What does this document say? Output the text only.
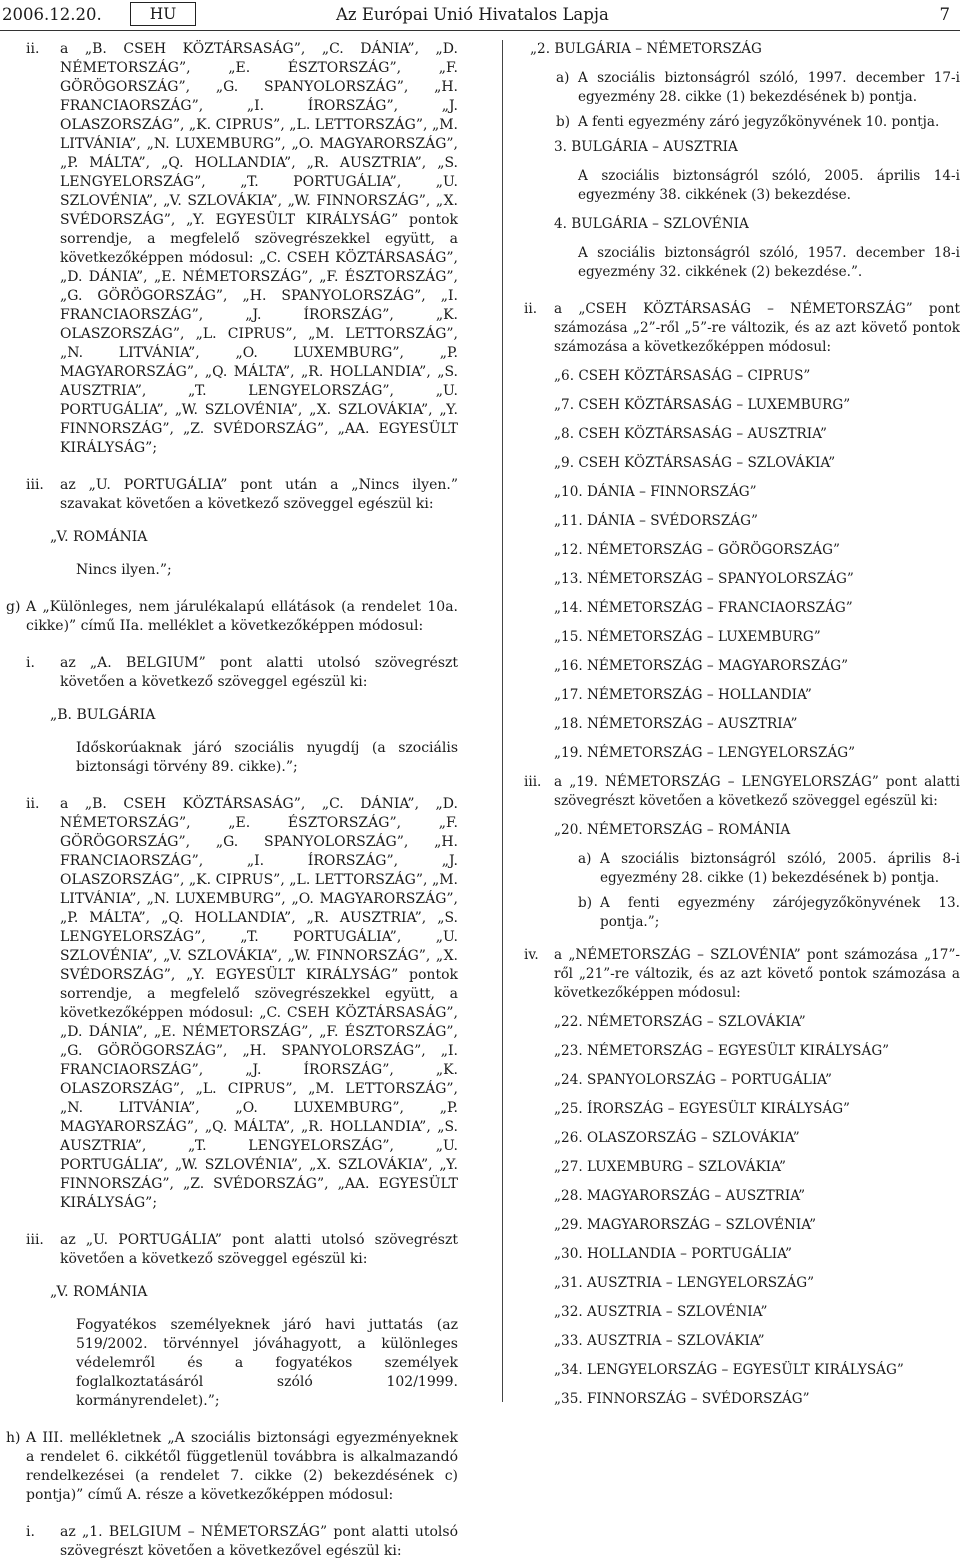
2006.12.20.	HU	Az Európai Unió Hivatalos Lapja	7
ii.	a „B. CSEH KÖZTÁRSASÁG”, „C. DÁNIA”, „D. NÉMETORSZÁG”, „E. ÉSZTORSZÁG”, „F. GÖRÖGORSZÁG”, „G. SPANYOLORSZÁG”, „H. FRANCIAORSZÁG”, „I. ÍRORSZÁG”, „J. OLASZORSZÁG”, „K. CIPRUS”, „L. LETTORSZÁG”, „M. LITVÁNIA”, „N. LUXEMBURG”, „O. MAGYARORSZÁG”, „P. MÁLTA”, „Q. HOLLANDIA”, „R. AUSZTRIA”, „S. LENGYELORSZÁG”, „T. PORTUGÁLIA”, „U. SZLOVÉNIA”, „V. SZLOVÁKIA”, „W. FINNORSZÁG”, „X. SVÉDORSZÁG”, „Y. EGYESÜLT KIRÁLYSÁG” pontok sorrendje, a megfelelő szövegrészekkel együtt, a következőképpen módosul: „C. CSEH KÖZTÁRSASÁG”, „D. DÁNIA”, „E. NÉMETORSZÁG”, „F. ÉSZTORSZÁG”, „G. GÖRÖGORSZÁG”, „H. SPANYOLORSZÁG”, „I. FRANCIAORSZÁG”, „J. ÍRORSZÁG”, „K. OLASZORSZÁG”, „L. CIPRUS”, „M. LETTORSZÁG”, „N. LITVÁNIA”, „O. LUXEMBURG”, „P. MAGYARORSZÁG”, „Q. MÁLTA”, „R. HOLLANDIA”, „S. AUSZTRIA”, „T. LENGYELORSZÁG”, „U. PORTUGÁLIA”, „W. SZLOVÉNIA”, „X. SZLOVÁKIA”, „Y. FINNORSZÁG”, „Z. SVÉDORSZÁG”, „AA. EGYESÜLT KIRÁLYSÁG”;
iii.	az „U. PORTUGÁLIA” pont után a „Nincs ilyen.” szavakat követően a következő szöveggel egészül ki:
„V. ROMÁNIA
Nincs ilyen.”;
g) A „Különleges, nem járulékalapú ellátások (a rendelet 10a. cikke)” című IIa. melléklet a következőképpen módosul:
i.	az „A. BELGIUM” pont alatti utolsó szövegrészt követően a következő szöveggel egészül ki:
„B. BULGÁRIA
Időskorúaknak járó szociális nyugdíj (a szociális biztonsági törvény 89. cikke).”;
ii.	a „B. CSEH KÖZTÁRSASÁG”, „C. DÁNIA”, „D. NÉMETORSZÁG”, „E. ÉSZTORSZÁG”, „F. GÖRÖGORSZÁG”, „G. SPANYOLORSZÁG”, „H. FRANCIAORSZÁG”, „I. ÍRORSZÁG”, „J. OLASZORSZÁG”, „K. CIPRUS”, „L. LETTORSZÁG”, „M. LITVÁNIA”, „N. LUXEMBURG”, „O. MAGYARORSZÁG”, „P. MÁLTA”, „Q. HOLLANDIA”, „R. AUSZTRIA”, „S. LENGYELORSZÁG”, „T. PORTUGÁLIA”, „U. SZLOVÉNIA”, „V. SZLOVÁKIA”, „W. FINNORSZÁG”, „X. SVÉDORSZÁG”, „Y. EGYESÜLT KIRÁLYSÁG” pontok sorrendje, a megfelelő szövegrészekkel együtt, a következőképpen módosul: „C. CSEH KÖZTÁRSASÁG”, „D. DÁNIA”, „E. NÉMETORSZÁG”, „F. ÉSZTORSZÁG”, „G. GÖRÖGORSZÁG”, „H. SPANYOLORSZÁG”, „I. FRANCIAORSZÁG”, „J. ÍRORSZÁG”, „K. OLASZORSZÁG”, „L. CIPRUS”, „M. LETTORSZÁG”, „N. LITVÁNIA”, „O. LUXEMBURG”, „P. MAGYARORSZÁG”, „Q. MÁLTA”, „R. HOLLANDIA”, „S. AUSZTRIA”, „T. LENGYELORSZÁG”, „U. PORTUGÁLIA”, „W. SZLOVÉNIA”, „X. SZLOVÁKIA”, „Y. FINNORSZÁG”, „Z. SVÉDORSZÁG”, „AA. EGYESÜLT KIRÁLYSÁG”;
iii.	az „U. PORTUGÁLIA” pont alatti utolsó szövegrészt követően a következő szöveggel egészül ki:
„V. ROMÁNIA
Fogyatékos személyeknek járó havi juttatás (az 519/2002. törvénnyel jóváhagyott, a különleges védelemről és a fogyatékos személyek foglalkoztatásáról szóló 102/1999. kormányrendelet).”;
h) A III. mellékletnek „A szociális biztonsági egyezményeknek a rendelet 6. cikkétől függetlenül továbbra is alkalmazandó rendelkezései (a rendelet 7. cikke (2) bekezdésének c) pontja)” című A. része a következőképpen módosul:
i.	az „1. BELGIUM – NÉMETORSZÁG” pont alatti utolsó szövegrészt követően a következővel egészül ki:
„2. BULGÁRIA – NÉMETORSZÁG
a) A szociális biztonságról szóló, 1997. december 17-i egyezmény 28. cikke (1) bekezdésének b) pontja.
b) A fenti egyezmény záró jegyzőkönyvének 10. pontja.
3. BULGÁRIA – AUSZTRIA
A szociális biztonságról szóló, 2005. április 14-i egyezmény 38. cikkének (3) bekezdése.
4. BULGÁRIA – SZLOVÉNIA
A szociális biztonságról szóló, 1957. december 18-i egyezmény 32. cikkének (2) bekezdése.”.
ii.	a „CSEH KÖZTÁRSASÁG – NÉMETORSZÁG” pont számozása „2”-ről „5”-re változik, és az azt követő pontok számozása a következőképpen módosul:
„6. CSEH KÖZTÁRSASÁG – CIPRUS”
„7. CSEH KÖZTÁRSASÁG – LUXEMBURG”
„8. CSEH KÖZTÁRSASÁG – AUSZTRIA”
„9. CSEH KÖZTÁRSASÁG – SZLOVÁKIA”
„10. DÁNIA – FINNORSZÁG”
„11. DÁNIA – SVÉDORSZÁG”
„12. NÉMETORSZÁG – GÖRÖGORSZÁG”
„13. NÉMETORSZÁG – SPANYOLORSZÁG”
„14. NÉMETORSZÁG – FRANCIAORSZÁG”
„15. NÉMETORSZÁG – LUXEMBURG”
„16. NÉMETORSZÁG – MAGYARORSZÁG”
„17. NÉMETORSZÁG – HOLLANDIA”
„18. NÉMETORSZÁG – AUSZTRIA”
„19. NÉMETORSZÁG – LENGYELORSZÁG”
iii. a „19. NÉMETORSZÁG – LENGYELORSZÁG” pont alatti szövegrészt követően a következő szöveggel egészül ki:
„20. NÉMETORSZÁG – ROMÁNIA
a) A szociális biztonságról szóló, 2005. április 8-i egyezmény 28. cikke (1) bekezdésének b) pontja.
b) A fenti egyezmény zárójegyzőkönyvének 13. pontja.”;
iv.	a „NÉMETORSZÁG – SZLOVÉNIA” pont számozása „17”-ről „21”-re változik, és az azt követő pontok számozása a következőképpen módosul:
„22. NÉMETORSZÁG – SZLOVÁKIA”
„23. NÉMETORSZÁG – EGYESÜLT KIRÁLYSÁG”
„24. SPANYOLORSZÁG – PORTUGÁLIA”
„25. ÍRORSZÁG – EGYESÜLT KIRÁLYSÁG”
„26. OLASZORSZÁG – SZLOVÁKIA”
„27. LUXEMBURG – SZLOVÁKIA”
„28. MAGYARORSZÁG – AUSZTRIA”
„29. MAGYARORSZÁG – SZLOVÉNIA”
„30. HOLLANDIA – PORTUGÁLIA”
„31. AUSZTRIA – LENGYELORSZÁG”
„32. AUSZTRIA – SZLOVÉNIA”
„33. AUSZTRIA – SZLOVÁKIA”
„34. LENGYELORSZÁG – EGYESÜLT KIRÁLYSÁG”
„35. FINNORSZÁG – SVÉDORSZÁG”
